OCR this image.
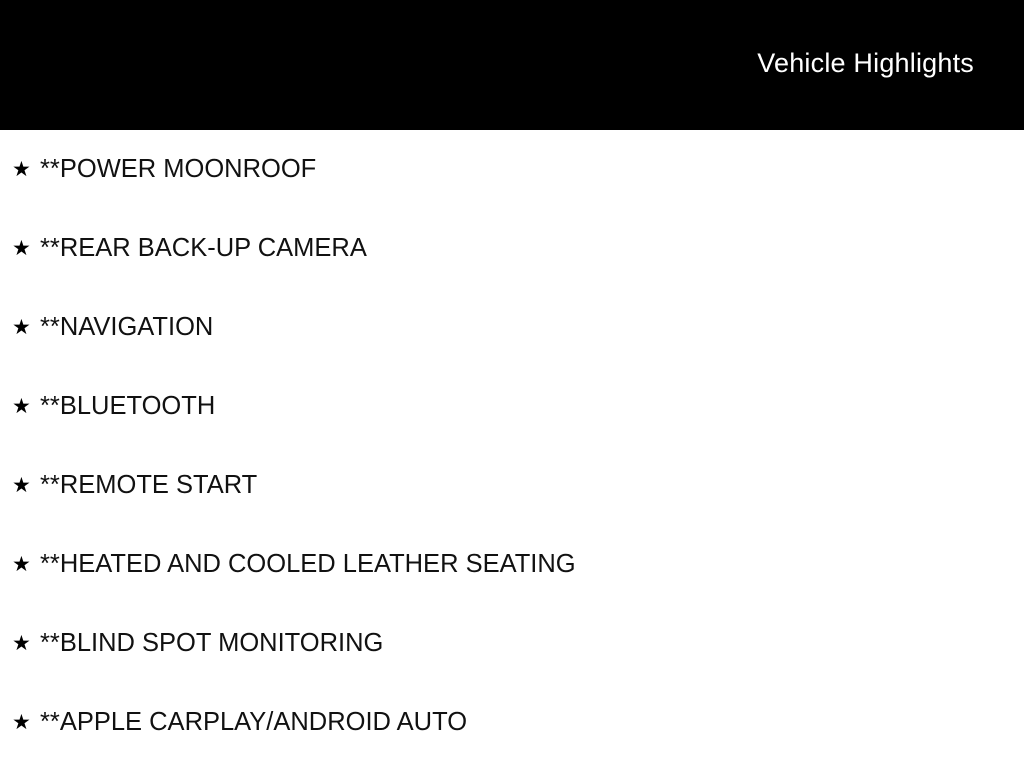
Vehicle Highlights
★ **POWER MOONROOF
★ **REAR BACK-UP CAMERA
★ **NAVIGATION
★ **BLUETOOTH
★ **REMOTE START
★ **HEATED AND COOLED LEATHER SEATING
★ **BLIND SPOT MONITORING
★ **APPLE CARPLAY/ANDROID AUTO
